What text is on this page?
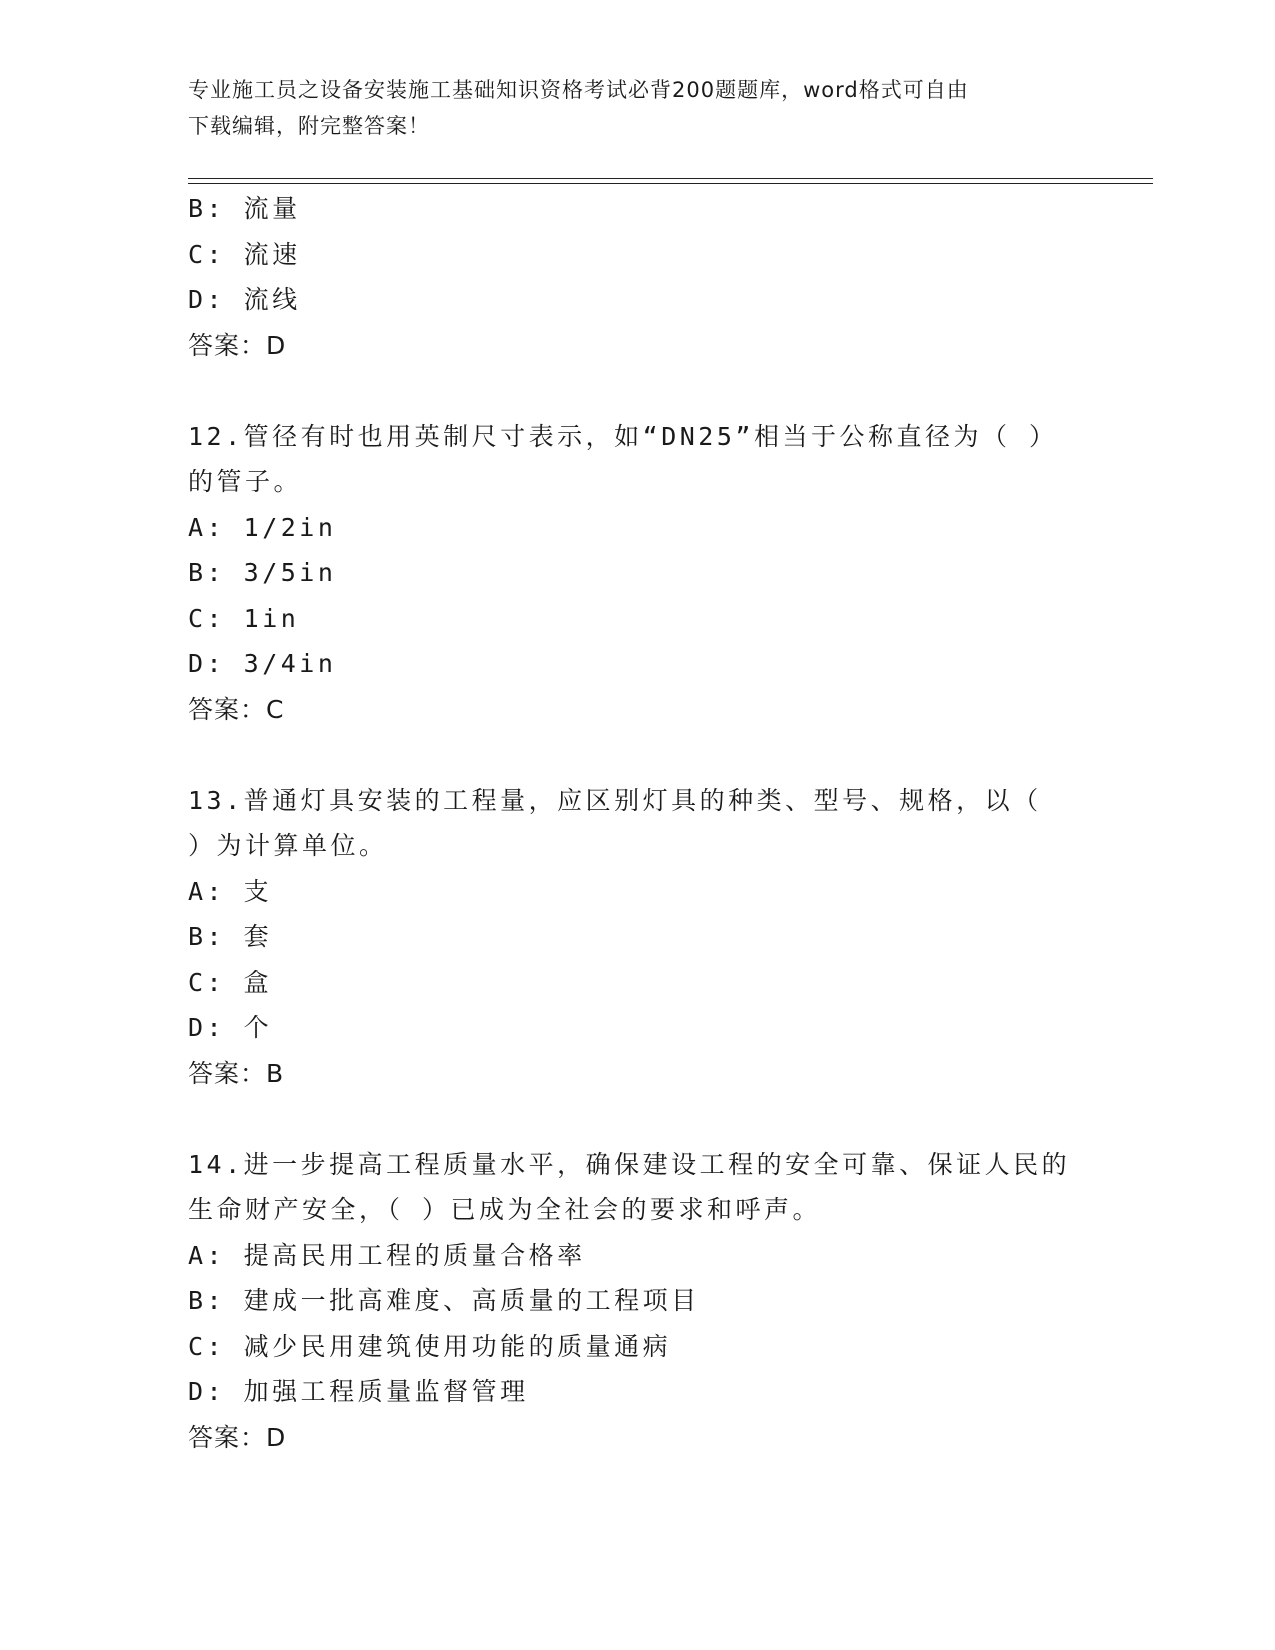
专业施工员之设备安装施工基础知识资格考试必背200题题库，word格式可自由
下载编辑，附完整答案！
B: 流量
C: 流速
D: 流线
答案：D
12.管径有时也用英制尺寸表示，如“DN25”相当于公称直径为（ ）
的管子。
A: 1/2in
B: 3/5in
C: 1in
D: 3/4in
答案：C
13.普通灯具安装的工程量，应区别灯具的种类、型号、规格，以（
）为计算单位。
A: 支
B: 套
C: 盒
D: 个
答案：B
14.进一步提高工程质量水平，确保建设工程的安全可靠、保证人民的
生命财产安全，（ ）已成为全社会的要求和呼声。
A: 提高民用工程的质量合格率
B: 建成一批高难度、高质量的工程项目
C: 减少民用建筑使用功能的质量通病
D: 加强工程质量监督管理
答案：D
